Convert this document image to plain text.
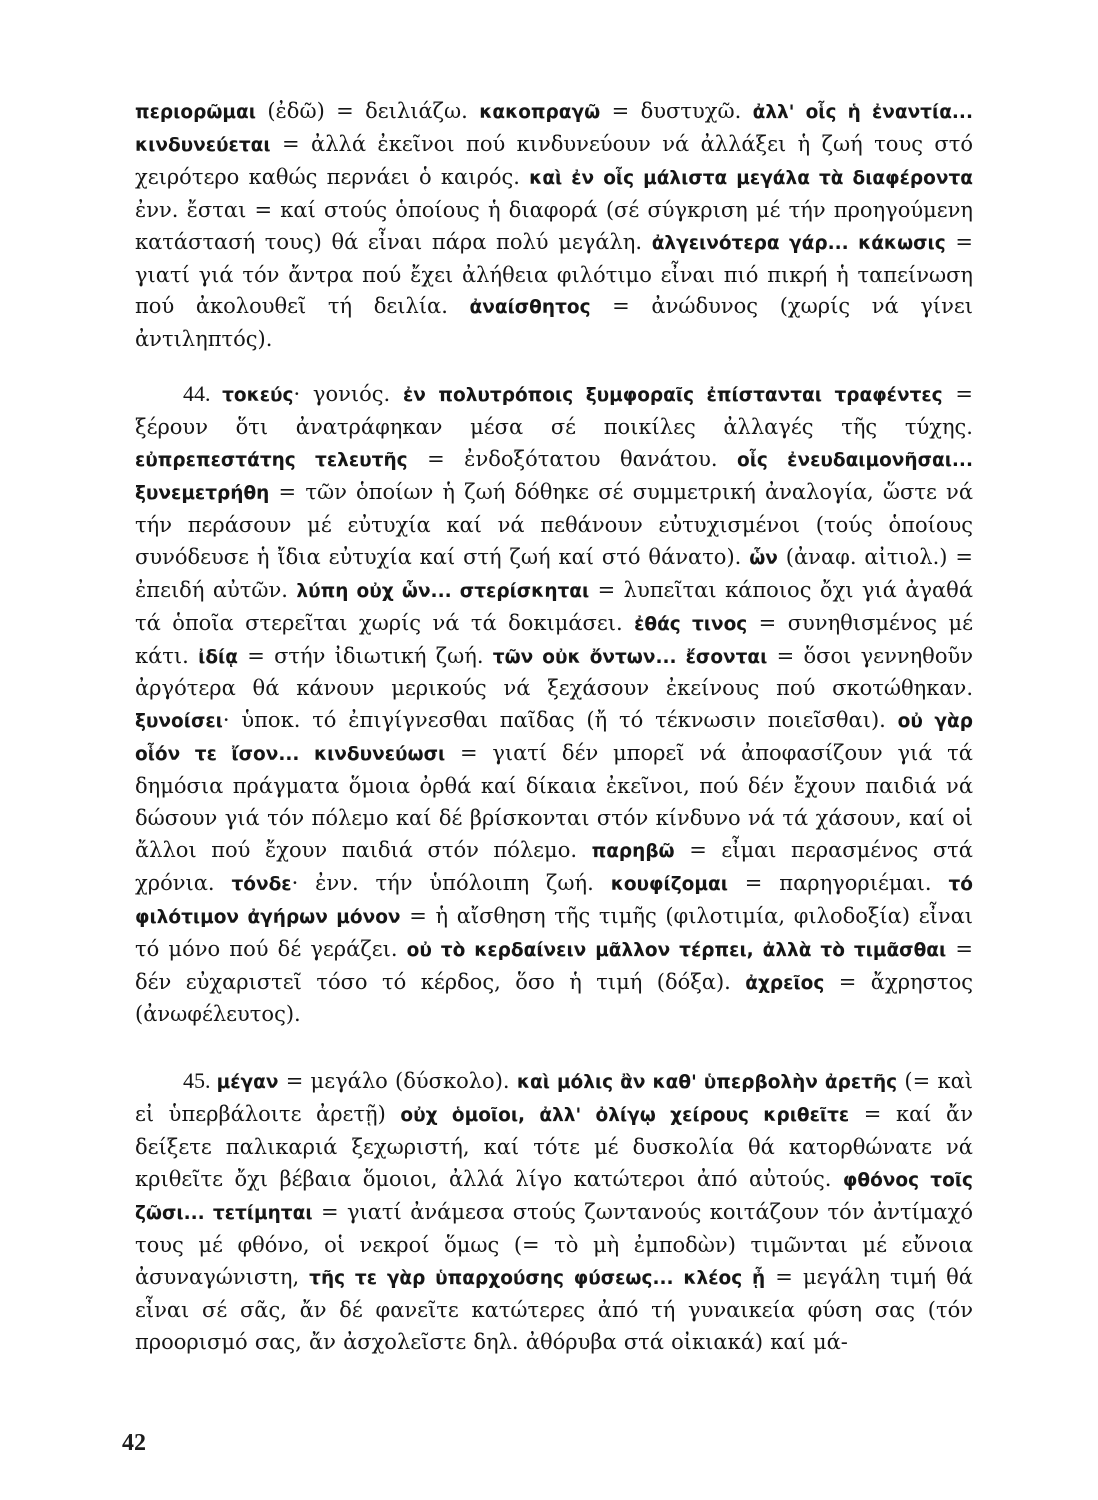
περιορῶμαι (ἐδῶ) = δειλιάζω. κακοπραγῶ = δυστυχῶ. ἀλλ' οἷς ἡ ἐναντία... κινδυνεύεται = ἀλλά ἐκεῖνοι πού κινδυνεύουν νά ἀλλάξει ἡ ζωή τους στό χειρότερο καθώς περνάει ὁ καιρός. καὶ ἐν οἷς μάλιστα μεγάλα τὰ διαφέροντα ἐνν. ἔσται = καί στούς ὁποίους ἡ διαφορά (σέ σύγκριση μέ τήν προηγούμενη κατάστασή τους) θά εἶναι πάρα πολύ μεγάλη. ἀλγεινότερα γάρ... κάκωσις = γιατί γιά τόν ἄντρα πού ἔχει ἀλήθεια φιλότιμο εἶναι πιό πικρή ἡ ταπείνωση πού ἀκολουθεῖ τή δειλία. ἀναίσθητος = ἀνώδυνος (χωρίς νά γίνει ἀντιληπτός).

44. τοκεύς· γονιός. ἐν πολυτρόποις ξυμφοραῖς ἐπίστανται τραφέντες = ξέρουν ὅτι ἀνατράφηκαν μέσα σέ ποικίλες ἀλλαγές τῆς τύχης. εὐπρεπεστάτης τελευτῆς = ἐνδοξότατου θανάτου. οἷς ἐνευδαιμονῆσαι... ξυνεμετρήθη = τῶν ὁποίων ἡ ζωή δόθηκε σέ συμμετρική ἀναλογία, ὥστε νά τήν περάσουν μέ εὐτυχία καί νά πεθάνουν εὐτυχισμένοι (τούς ὁποίους συνόδευσε ἡ ἴδια εὐτυχία καί στή ζωή καί στό θάνατο). ὧν (ἀναφ. αἰτιολ.) = ἐπειδή αὐτῶν. λύπη οὐχ ὧν... στερίσκηται = λυπεῖται κάποιος ὄχι γιά ἀγαθά τά ὁποῖα στερεῖται χωρίς νά τά δοκιμάσει. ἐθάς τινος = συνηθισμένος μέ κάτι. ἰδίᾳ = στήν ἰδιωτική ζωή. τῶν οὐκ ὄντων... ἔσονται = ὅσοι γεννηθοῦν ἀργότερα θά κάνουν μερικούς νά ξεχάσουν ἐκείνους πού σκοτώθηκαν. ξυνοίσει· ὑποκ. τό ἐπιγίγνεσθαι παῖδας (ἤ τό τέκνωσιν ποιεῖσθαι). οὐ γὰρ οἷόν τε ἴσον... κινδυνεύωσι = γιατί δέν μπορεῖ νά ἀποφασίζουν γιά τά δημόσια πράγματα ὅμοια ὀρθά καί δίκαια ἐκεῖνοι, πού δέν ἔχουν παιδιά νά δώσουν γιά τόν πόλεμο καί δέ βρίσκονται στόν κίνδυνο νά τά χάσουν, καί οἱ ἄλλοι πού ἔχουν παιδιά στόν πόλεμο. παρηβῶ = εἶμαι περασμένος στά χρόνια. τόνδε· ἐνν. τήν ὑπόλοιπη ζωή. κουφίζομαι = παρηγοριέμαι. τό φιλότιμον ἀγήρων μόνον = ἡ αἴσθηση τῆς τιμῆς (φιλοτιμία, φιλοδοξία) εἶναι τό μόνο πού δέ γεράζει. οὐ τὸ κερδαίνειν μᾶλλον τέρπει, ἀλλὰ τὸ τιμᾶσθαι = δέν εὐχαριστεῖ τόσο τό κέρδος, ὅσο ἡ τιμή (δόξα). ἀχρεῖος = ἄχρηστος (ἀνωφέλευτος).

45. μέγαν = μεγάλο (δύσκολο). καὶ μόλις ἂν καθ' ὑπερβολὴν ἀρετῆς (= καὶ εἰ ὑπερβάλοιτε ἀρετῇ) οὐχ ὁμοῖοι, ἀλλ' ὀλίγῳ χείρους κριθεῖτε = καί ἄν δείξετε παλικαριά ξεχωριστή, καί τότε μέ δυσκολία θά κατορθώνατε νά κριθεῖτε ὄχι βέβαια ὅμοιοι, ἀλλά λίγο κατώτεροι ἀπό αὐτούς. φθόνος τοῖς ζῶσι... τετίμηται = γιατί ἀνάμεσα στούς ζωντανούς κοιτάζουν τόν ἀντίμαχό τους μέ φθόνο, οἱ νεκροί ὅμως (= τὸ μὴ ἐμποδὼν) τιμῶνται μέ εὔνοια ἀσυναγώνιστη, τῆς τε γὰρ ὑπαρχούσης φύσεως... κλέος ᾖ = μεγάλη τιμή θά εἶναι σέ σᾶς, ἄν δέ φανεῖτε κατώτερες ἀπό τή γυναικεία φύση σας (τόν προορισμό σας, ἄν ἀσχολεῖστε δηλ. ἀθόρυβα στά οἰκιακά) καί μά-

42
